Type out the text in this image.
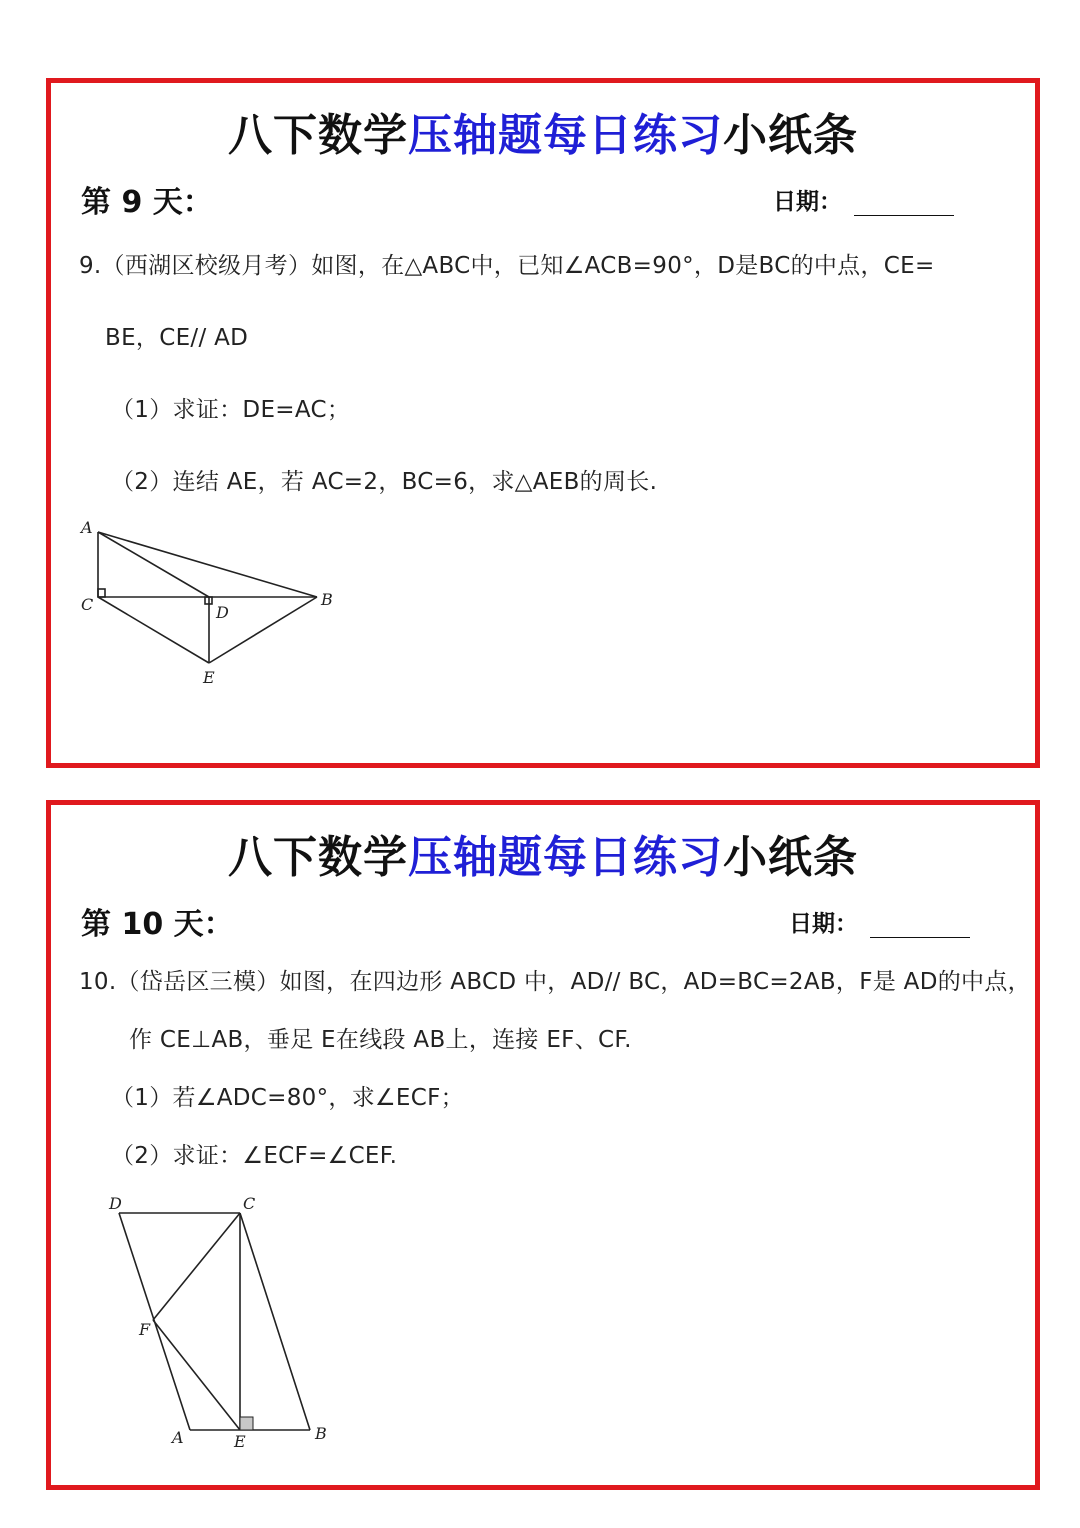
八下数学压轴题每日练习小纸条
第 9 天：	日期：
9.（西湖区校级月考）如图，在△ABC中，已知∠ACB=90°，D是BC的中点，CE=
BE，CE// AD
（1）求证：DE=AC；
（2）连结 AE，若 AC=2，BC=6，求△AEB的周长.
A
C	D
B
E
八下数学压轴题每日练习小纸条
第 10 天：	日期：
10.（岱岳区三模）如图，在四边形 ABCD 中，AD// BC，AD=BC=2AB，F是 AD的中点，
作 CE⊥AB，垂足 E在线段 AB上，连接 EF、CF.
（1）若∠ADC=80°，求∠ECF；
（2）求证：∠ECF=∠CEF.
D	C
F
A	E	B
